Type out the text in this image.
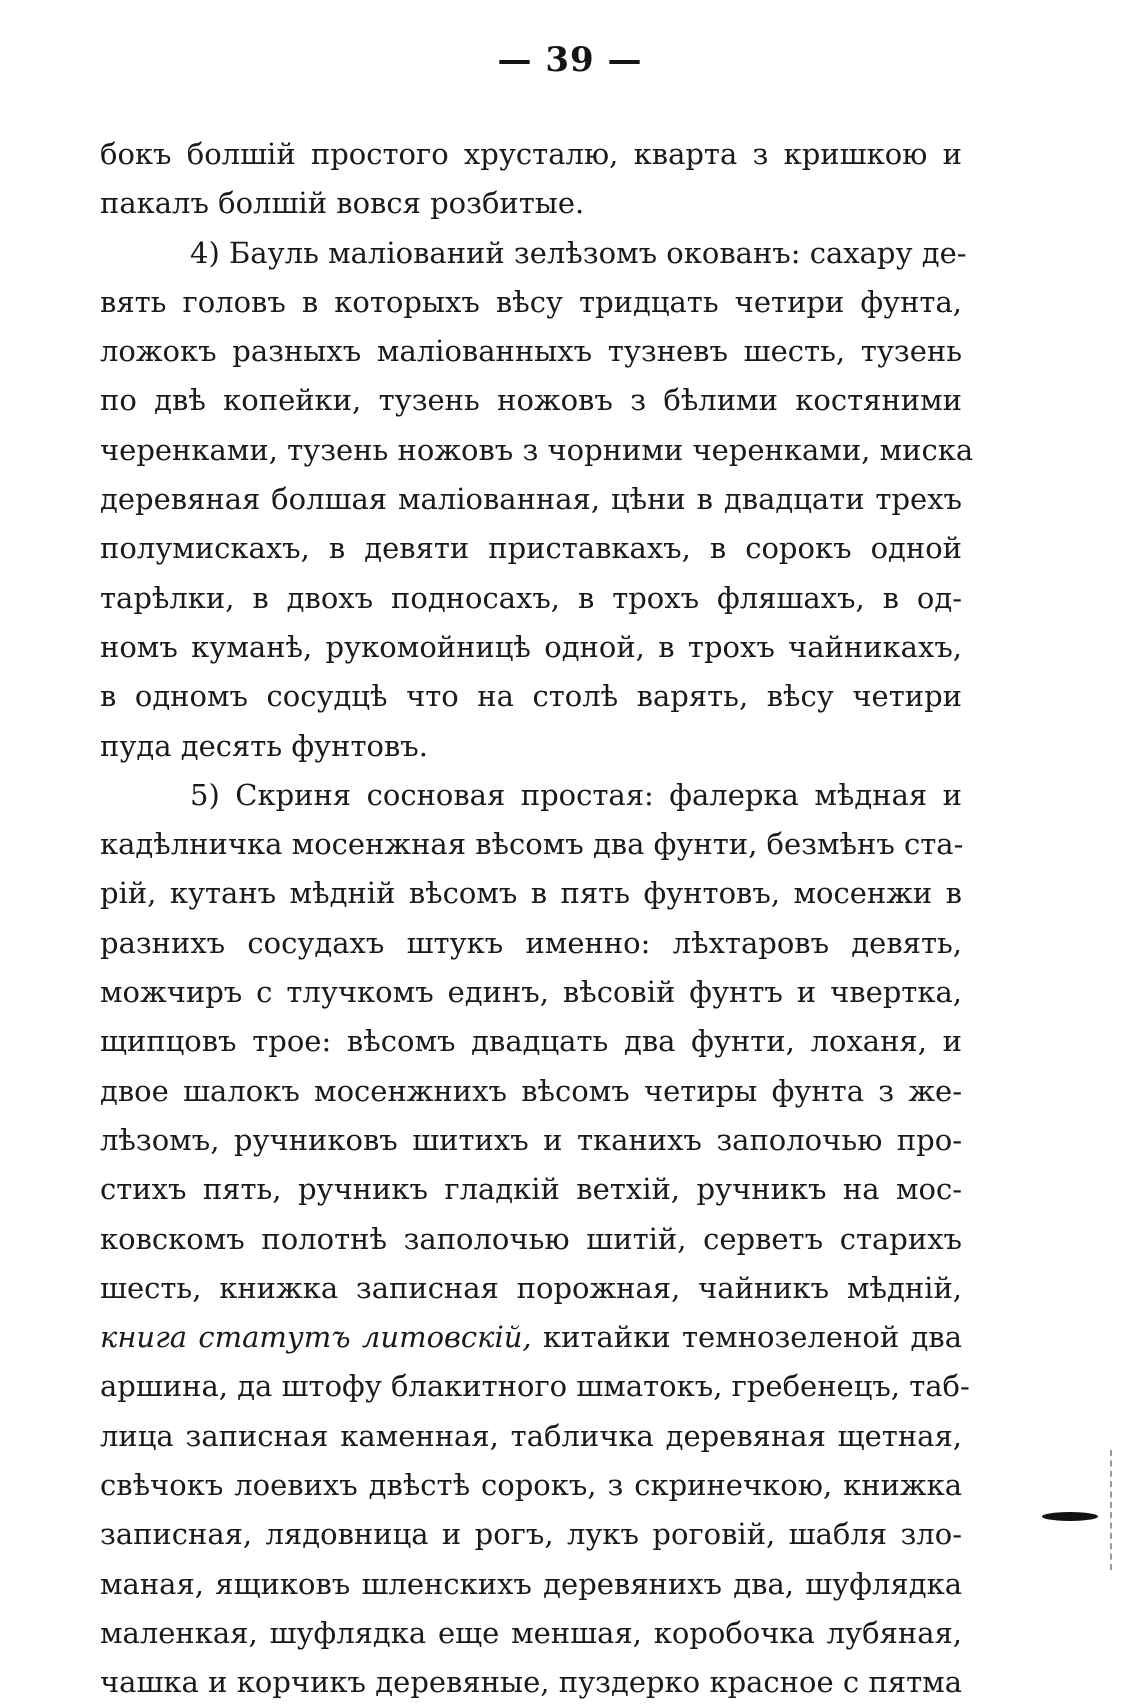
— 39 —
бокъ болшій простого хрусталю, кварта з кришкою и
пакалъ болшій вовся розбитые.
4) Бауль маліований зелѣзомъ окованъ: сахару де-
вять головъ в которыхъ вѣсу тридцать четири фунта,
ложокъ разныхъ маліованныхъ тузневъ шесть, тузень
по двѣ копейки, тузень ножовъ з бѣлими костяними
черенками, тузень ножовъ з чорними черенками, миска
деревяная болшая маліованная, цѣни в двадцати трехъ
полумискахъ, в девяти приставкахъ, в сорокъ одной
тарѣлки, в двохъ подносахъ, в трохъ фляшахъ, в од-
номъ куманѣ, рукомойницѣ одной, в трохъ чайникахъ,
в одномъ сосудцѣ что на столѣ варять, вѣсу четири
пуда десять фунтовъ.
5) Скриня сосновая простая: фалерка мѣдная и
кадѣлничка мосенжная вѣсомъ два фунти, безмѣнъ ста-
рій, кутанъ мѣдній вѣсомъ в пять фунтовъ, мосенжи в
разнихъ сосудахъ штукъ именно: лѣхтаровъ девять,
можчиръ с тлучкомъ единъ, вѣсовій фунтъ и чвертка,
щипцовъ трое: вѣсомъ двадцать два фунти, лоханя, и
двое шалокъ мосенжнихъ вѣсомъ четиры фунта з же-
лѣзомъ, ручниковъ шитихъ и тканихъ заполочью про-
стихъ пять, ручникъ гладкій ветхій, ручникъ на мос-
ковскомъ полотнѣ заполочью шитій, серветъ старихъ
шесть, книжка записная порожная, чайникъ мѣдній,
книга статутъ литовскій, китайки темнозеленой два
аршина, да штофу блакитного шматокъ, гребенецъ, таб-
лица записная каменная, табличка деревяная щетная,
свѣчокъ лоевихъ двѣстѣ сорокъ, з скринечкою, книжка
записная, лядовница и рогъ, лукъ роговій, шабля зло-
маная, ящиковъ шленскихъ деревянихъ два, шуфлядка
маленкая, шуфлядка еще меншая, коробочка лубяная,
чашка и корчикъ деревяные, пуздерко красное с пятма
